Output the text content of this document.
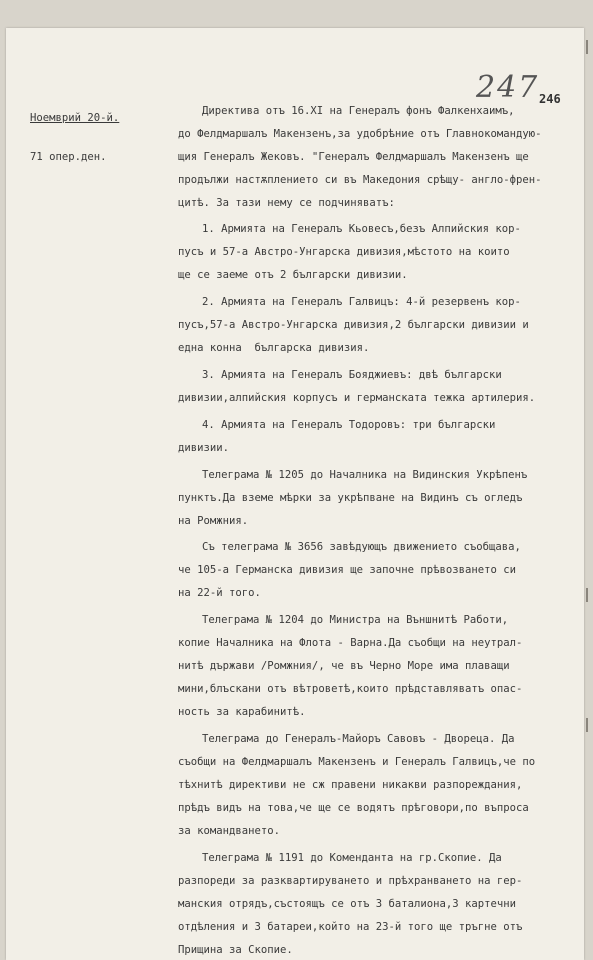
Ноемврий 20-й.

71 опер.ден.

247 246

Директива отъ 16.XI на Генералъ фонъ Фалкенхаимъ,

до Фелдмаршалъ Макензенъ,за удобрѣние отъ Главнокомандую-

щия Генералъ Жековъ. "Генералъ Фелдмаршалъ Макензенъ ще

продължи настѫплението си въ Македония срѣщу- англо-френ-

цитѣ. За тази нему се подчиняватъ:

1. Армията на Генералъ Кьовесъ,безъ Алпийския кор-

пусъ и 57-а Австро-Унгарска дивизия,мѣстото на които

ще се заеме отъ 2 български дивизии.

2. Армията на Генералъ Галвицъ: 4-й резервенъ кор-

пусъ,57-а Австро-Унгарска дивизия,2 български дивизии и

една конна  българска дивизия.

3. Армията на Генералъ Бояджиевъ: двѣ български

дивизии,алпийския корпусъ и германската тежка артилерия.

4. Армията на Генералъ Тодоровъ: три български

дивизии.

Телеграма № 1205 до Началника на Видинския Укрѣпенъ

пунктъ.Да вземе мѣрки за укрѣпване на Видинъ съ огледъ

на Ромжния.

Съ телеграма № 3656 завѣдующъ движението съобщава,

че 105-а Германска дивизия ще започне прѣвозването си

на 22-й того.

Телеграма № 1204 до Министра на Външнитѣ Работи,

копие Началника на Флота - Варна.Да съобщи на неутрал-

нитѣ държави /Ромжния/, че въ Черно Море има плаващи

мини,блъскани отъ вѣтроветѣ,които прѣдставляватъ опас-

ность за карабинитѣ.

Телеграма до Генералъ-Майоръ Савовъ - Двореца. Да

съобщи на Фелдмаршалъ Макензенъ и Генералъ Галвицъ,че по

тѣхнитѣ директиви не сж правени никакви разпореждания,

прѣдъ видъ на това,че ще се водятъ прѣговори,по въпроса

за командването.

Телеграма № 1191 до Коменданта на гр.Скопие. Да

разпореди за разквартируването и прѣхранването на гер-

манския отрядъ,състоящъ се отъ 3 баталиона,3 картечни

отдѣления и 3 батареи,който на 23-й того ще тръгне отъ

Прищина за Скопие.
